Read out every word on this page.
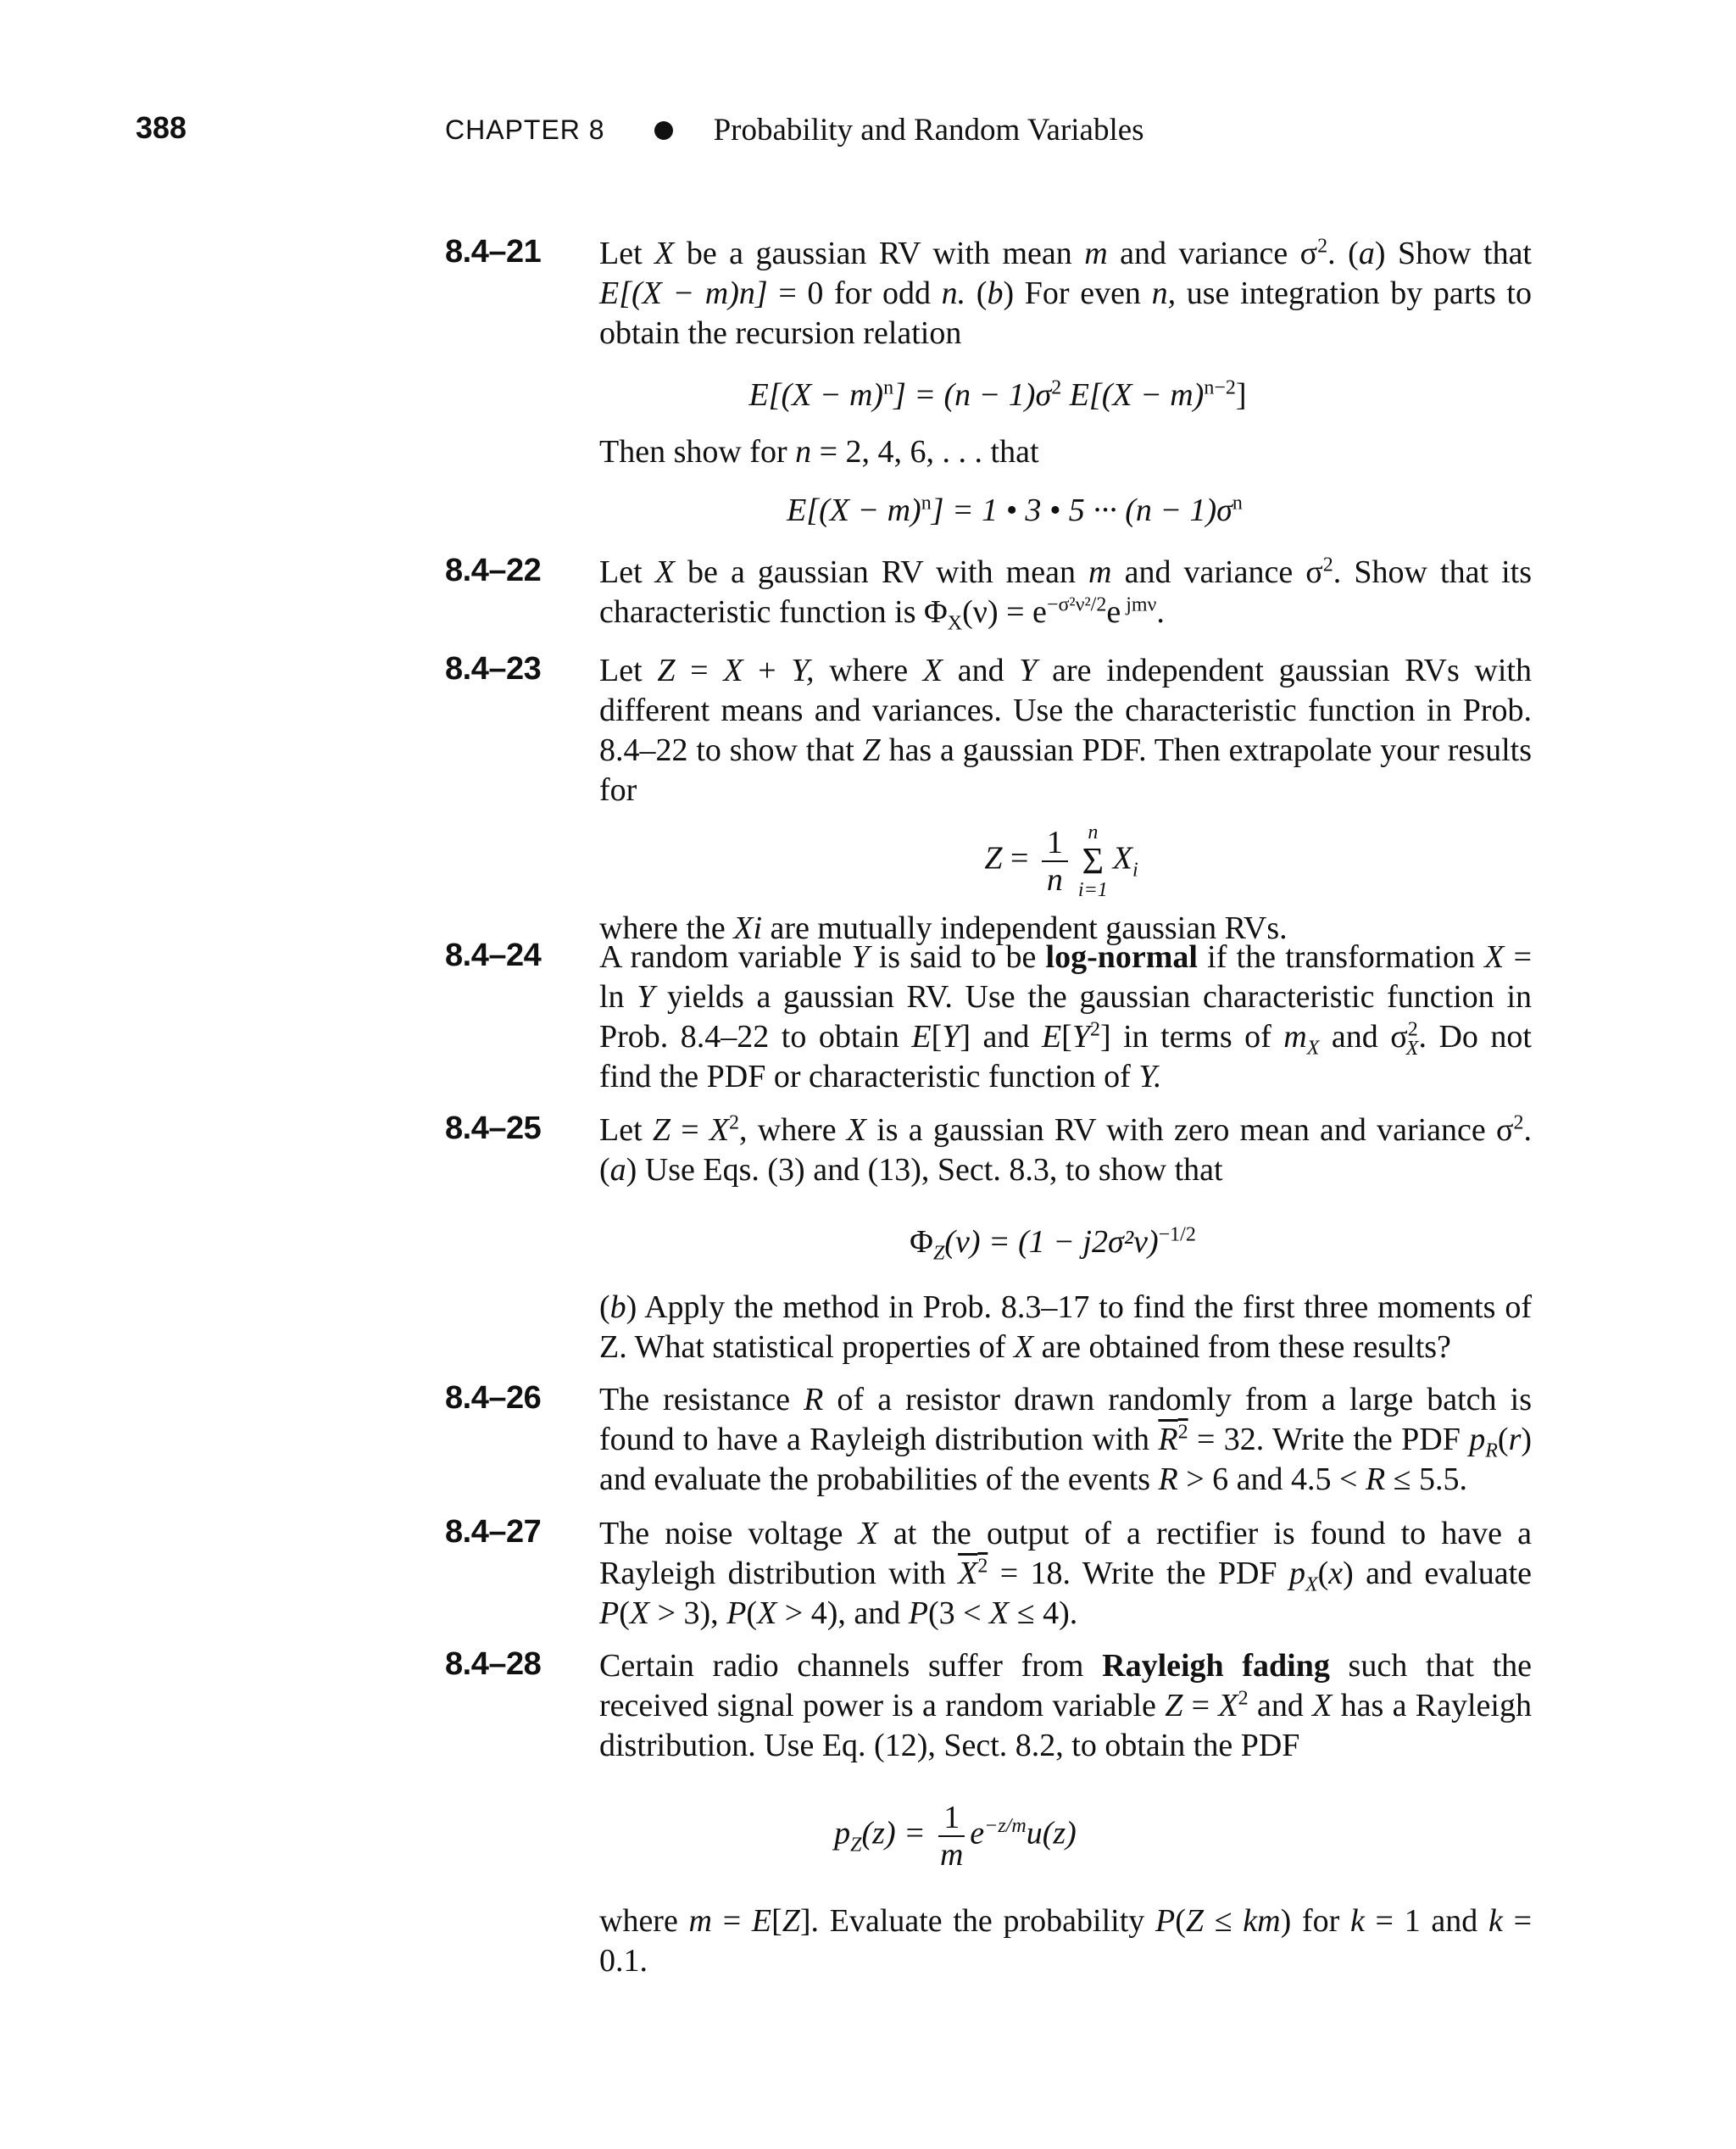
388	CHAPTER 8	Probability and Random Variables
8.4–21 Let X be a gaussian RV with mean m and variance $\sigma^2$. (a) Show that E[(X − m)n] = 0 for odd n. (b) For even n, use integration by parts to obtain the recursion relation

$E[(X - m)^n] = (n - 1)\sigma^2$ $E[(X - m)^{n-2}]$

Then show for n = 2, 4, 6, . . . that

$E[(X - m)^n] = 1$ • 3 • 5 ··· $(n - 1)\sigma^n$

8.4–22 Let X be a gaussian RV with mean m and variance $\sigma^2$. Show that its characteristic function is $\Phi_X(\nu) = e^{-\sigma^2\nu^2/2}e$ $^{jm\nu}$.

8.4–23 Let Z = X + Y, where X and Y are independent gaussian RVs with different means and variances. Use the characteristic function in Prob. 8.4–22 to show that Z has a gaussian PDF. Then extrapolate your results for

$Z = \frac{1}{n}$ n
Σ
i=1
$X_i$

where the Xi are mutually independent gaussian RVs.

8.4–24 A random variable Y is said to be log-normal if the transformation X = ln Y yields a gaussian RV. Use the gaussian characteristic function in Prob. 8.4–22 to obtain E[Y] and $E[Y^2]$ in terms of $m_X$ and $\sigma^2_X$. Do not find the PDF or characteristic function of Y.

8.4–25 Let $Z = X^2$, where X is a gaussian RV with zero mean and variance $\sigma^2$. (a) Use Eqs. (3) and (13), Sect. 8.3, to show that

$\Phi_Z(\nu) = (1 - j2\sigma^2\nu)^{-1/2}$

(b) Apply the method in Prob. 8.3–17 to find the first three moments of Z. What statistical properties of X are obtained from these results?

8.4–26 The resistance R of a resistor drawn randomly from a large batch is found to have a Rayleigh distribution with $R^2 = 32$. Write the PDF $p_R(r)$ and evaluate the probabilities of the events R > 6 and 4.5 < R ≤ 5.5.

8.4–27 The noise voltage X at the output of a rectifier is found to have a Rayleigh distribution with $X^2 = 18$. Write the PDF $p_X(x)$ and evaluate P(X > 3), P(X > 4), and P(3 < X ≤ 4).

8.4–28 Certain radio channels suffer from Rayleigh fading such that the received signal power is a random variable $Z = X^2$ and X has a Rayleigh distribution. Use Eq. (12), Sect. 8.2, to obtain the PDF

$p_Z(z) = \frac{1}{m} e^{-z/m}u(z)$

where m = E[Z]. Evaluate the probability P(Z ≤ km) for k = 1 and k = 0.1.
